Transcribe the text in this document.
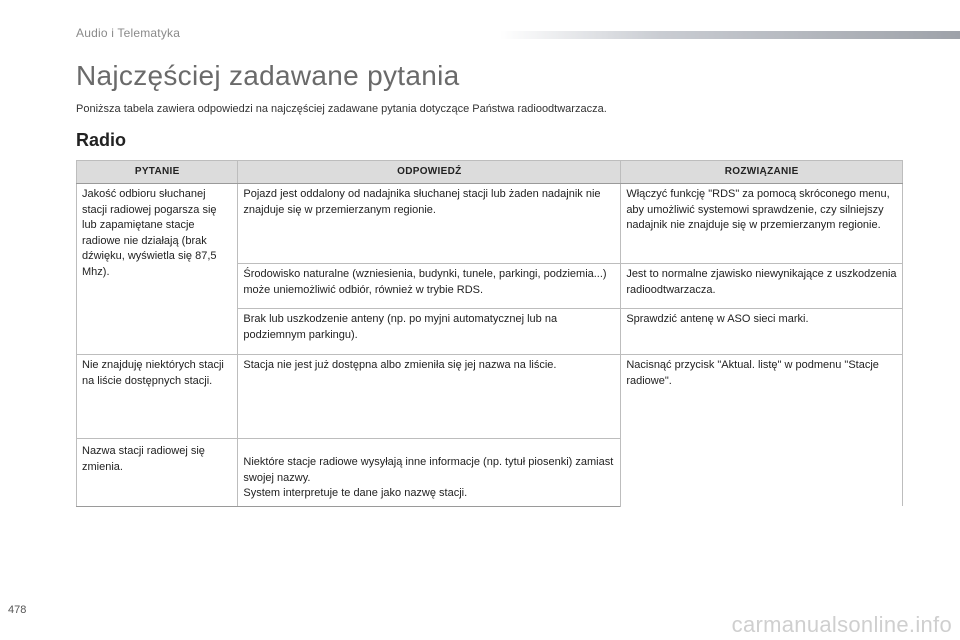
Audio i Telematyka
Najczęściej zadawane pytania
Poniższa tabela zawiera odpowiedzi na najczęściej zadawane pytania dotyczące Państwa radioodtwarzacza.
Radio
PYTANIE	ODPOWIEDŹ	ROZWIĄZANIE
Jakość odbioru słuchanej stacji radiowej pogarsza się lub zapamiętane stacje radiowe nie działają (brak dźwięku, wyświetla się 87,5 Mhz).	Pojazd jest oddalony od nadajnika słuchanej stacji lub żaden nadajnik nie znajduje się w przemierzanym regionie.	Włączyć funkcję "RDS" za pomocą skróconego menu, aby umożliwić systemowi sprawdzenie, czy silniejszy nadajnik nie znajduje się w przemierzanym regionie.
	Środowisko naturalne (wzniesienia, budynki, tunele, parkingi, podziemia...) może uniemożliwić odbiór, również w trybie RDS.	Jest to normalne zjawisko niewynikające z uszkodzenia radioodtwarzacza.
	Brak lub uszkodzenie anteny (np. po myjni automatycznej lub na podziemnym parkingu).	Sprawdzić antenę w ASO sieci marki.
Nie znajduję niektórych stacji na liście dostępnych stacji.	Stacja nie jest już dostępna albo zmieniła się jej nazwa na liście.	Nacisnąć przycisk "Aktual. listę" w podmenu "Stacje radiowe".
Nazwa stacji radiowej się zmienia.	Niektóre stacje radiowe wysyłają inne informacje (np. tytuł piosenki) zamiast swojej nazwy.
System interpretuje te dane jako nazwę stacji.	
478
carmanualsonline.info
